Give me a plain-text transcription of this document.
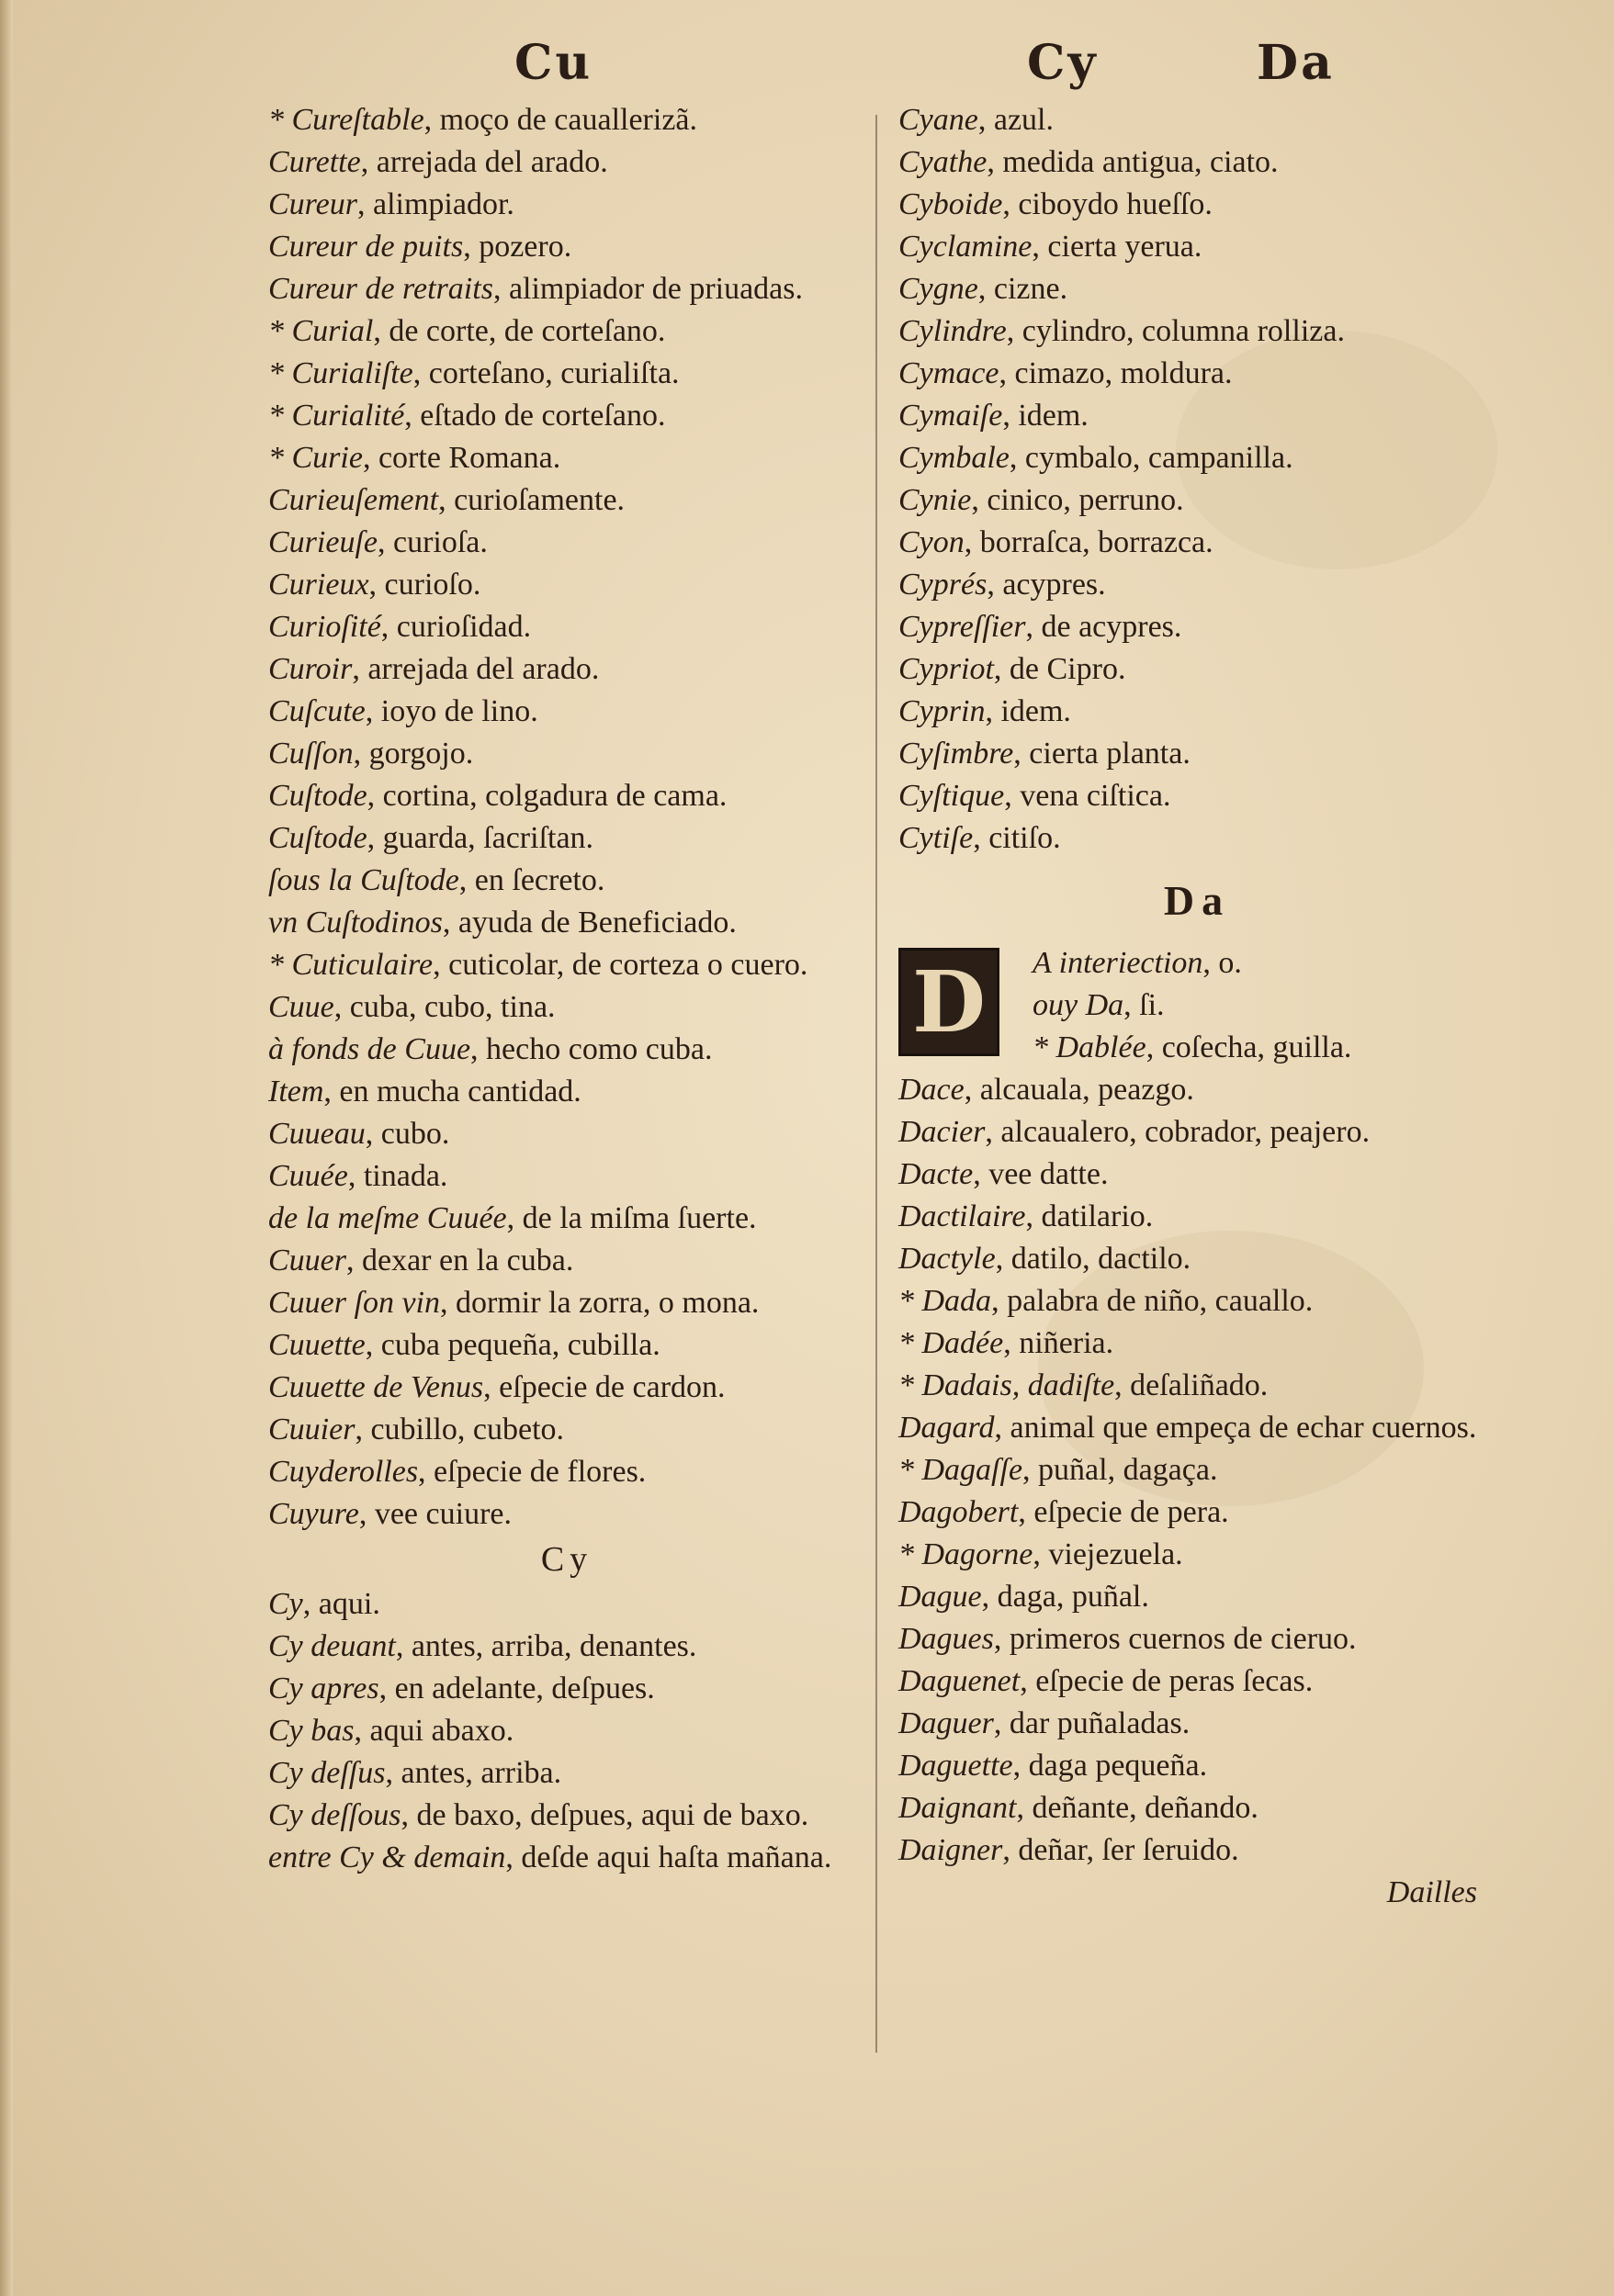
Cu	Cy	Da

* Cureſtable, moço de cauallerizã.

Curette, arrejada del arado.

Cureur, alimpiador.

Cureur de puits, pozero.

Cureur de retraits, alimpiador de priuadas.

* Curial, de corte, de corteſano.

* Curialiſte, corteſano, curialiſta.

* Curialité, eſtado de corteſano.

* Curie, corte Romana.

Curieuſement, curioſamente.

Curieuſe, curioſa.

Curieux, curioſo.

Curioſité, curioſidad.

Curoir, arrejada del arado.

Cuſcute, ioyo de lino.

Cuſſon, gorgojo.

Cuſtode, cortina, colgadura de cama.

Cuſtode, guarda, ſacriſtan.

ſous la Cuſtode, en ſecreto.

vn Cuſtodinos, ayuda de Beneficiado.

* Cuticulaire, cuticolar, de corteza o cuero.

Cuue, cuba, cubo, tina.

à fonds de Cuue, hecho como cuba.

Item, en mucha cantidad.

Cuueau, cubo.

Cuuée, tinada.

de la meſme Cuuée, de la miſma ſuerte.

Cuuer, dexar en la cuba.

Cuuer ſon vin, dormir la zorra, o mona.

Cuuette, cuba pequeña, cubilla.

Cuuette de Venus, eſpecie de cardon.

Cuuier, cubillo, cubeto.

Cuyderolles, eſpecie de flores.

Cuyure, vee cuiure.

Cy

Cy, aqui.

Cy deuant, antes, arriba, denantes.

Cy apres, en adelante, deſpues.

Cy bas, aqui abaxo.

Cy deſſus, antes, arriba.

Cy deſſous, de baxo, deſpues, aqui de baxo.

entre Cy & demain, deſde aqui haſta mañana.

Cyane, azul.

Cyathe, medida antigua, ciato.

Cyboide, ciboydo hueſſo.

Cyclamine, cierta yerua.

Cygne, cizne.

Cylindre, cylindro, columna rolliza.

Cymace, cimazo, moldura.

Cymaiſe, idem.

Cymbale, cymbalo, campanilla.

Cynie, cinico, perruno.

Cyon, borraſca, borrazca.

Cyprés, acypres.

Cypreſſier, de acypres.

Cypriot, de Cipro.

Cyprin, idem.

Cyſimbre, cierta planta.

Cyſtique, vena ciſtica.

Cytiſe, citiſo.

Da
D	A interiection, o.

ouy Da, ſi.

* Dablée, coſecha, guilla.

Dace, alcauala, peazgo.

Dacier, alcaualero, cobrador, peajero.

Dacte, vee datte.

Dactilaire, datilario.

Dactyle, datilo, dactilo.

* Dada, palabra de niño, cauallo.

* Dadée, niñeria.

* Dadais, dadiſte, deſaliñado.

Dagard, animal que empeça de echar cuernos.

* Dagaſſe, puñal, dagaça.

Dagobert, eſpecie de pera.

* Dagorne, viejezuela.

Dague, daga, puñal.

Dagues, primeros cuernos de cieruo.

Daguenet, eſpecie de peras ſecas.

Daguer, dar puñaladas.

Daguette, daga pequeña.

Daignant, deñante, deñando.

Daigner, deñar, ſer ſeruido.

Dailles
